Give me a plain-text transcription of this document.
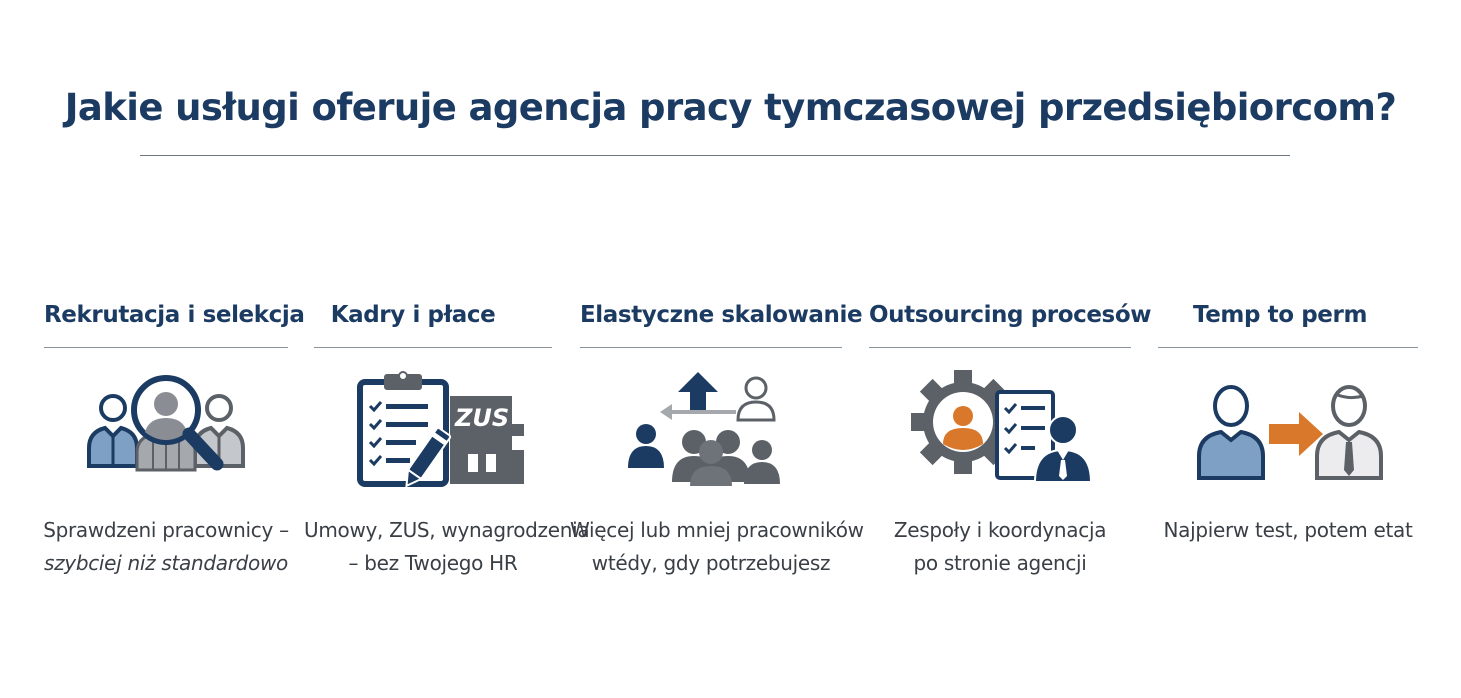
Jakie usługi oferuje agencja pracy tymczasowej przedsiębiorcom?
Rekrutacja i selekcja
Sprawdzeni pracownicy –
szybciej niż standardowo
Kadry i płace
ZUS
Umowy, ZUS, wynagrodzenia
– bez Twojego HR
Elastyczne skalowanie
Więcej lub mniej pracowników
wtédy, gdy potrzebujesz
Outsourcing procesów
Zespoły i koordynacja
po stronie agencji
Temp to perm
Najpierw test, potem etat
